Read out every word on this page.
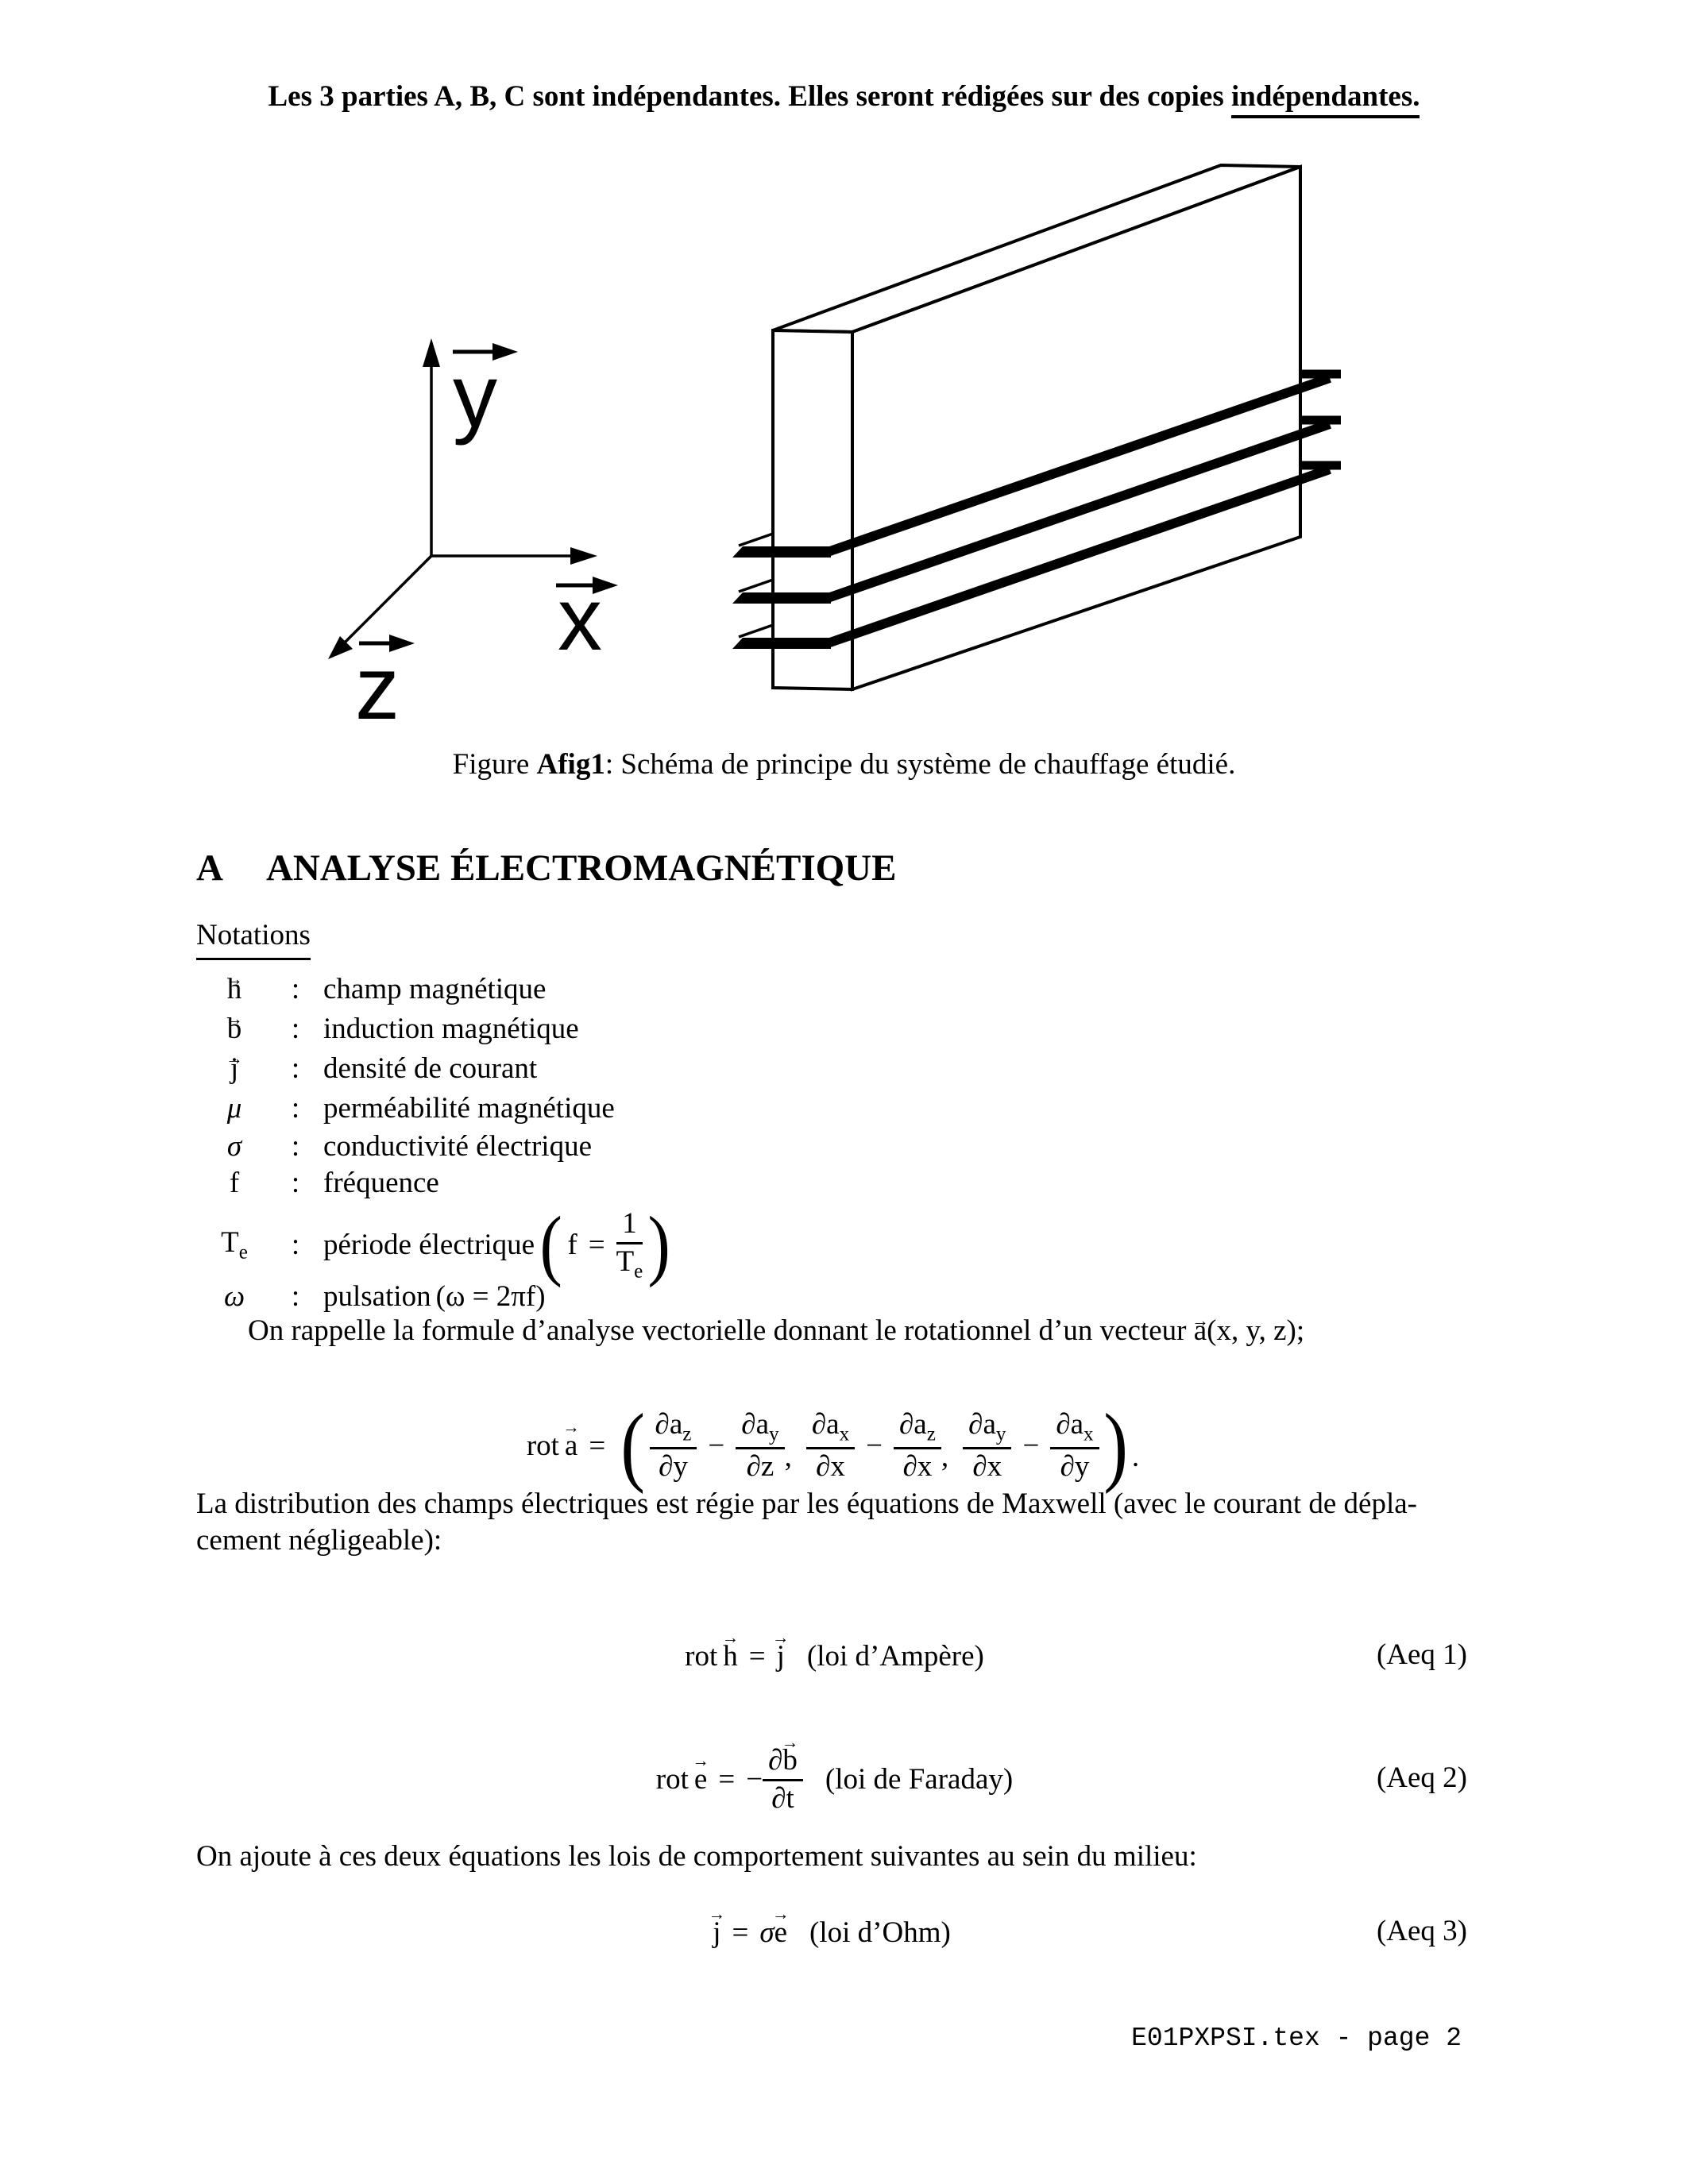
Les 3 parties A, B, C sont indépendantes. Elles seront rédigées sur des copies indépendantes.
y
x
z
Figure Afig1: Schéma de principe du système de chauffage étudié.
A ANALYSE ÉLECTROMAGNÉTIQUE
Notations
h →	: champ magnétique
b →	: induction magnétique
j →	: densité de courant
μ	: perméabilité magnétique
σ	: conductivité électrique
f	: fréquence
$T_e$	: période électrique ( $f = \frac{1}{T_e}$ )
ω	: pulsation (ω = 2πf)
On rappelle la formule d’analyse vectorielle donnant le rotationnel d’un vecteur a →(x, y, z);
rot a → = ( $\frac{\partial a_z}{\partial y} - \frac{\partial a_y}{\partial z}$ , $\frac{\partial a_x}{\partial x} - \frac{\partial a_z}{\partial x}$ , $\frac{\partial a_y}{\partial x} - \frac{\partial a_x}{\partial y}$ ) .
La distribution des champs électriques est régie par les équations de Maxwell (avec le courant de dépla-
cement négligeable):
rot h → = j → (loi d’Ampère)	(Aeq 1)
rot e → = − $\frac{\partial b \to}{\partial t} (loi$ de Faraday)	(Aeq 2)
On ajoute à ces deux équations les lois de comportement suivantes au sein du milieu:
j → = σ e → (loi d’Ohm)	(Aeq 3)
E01PXPSI.tex - page 2
